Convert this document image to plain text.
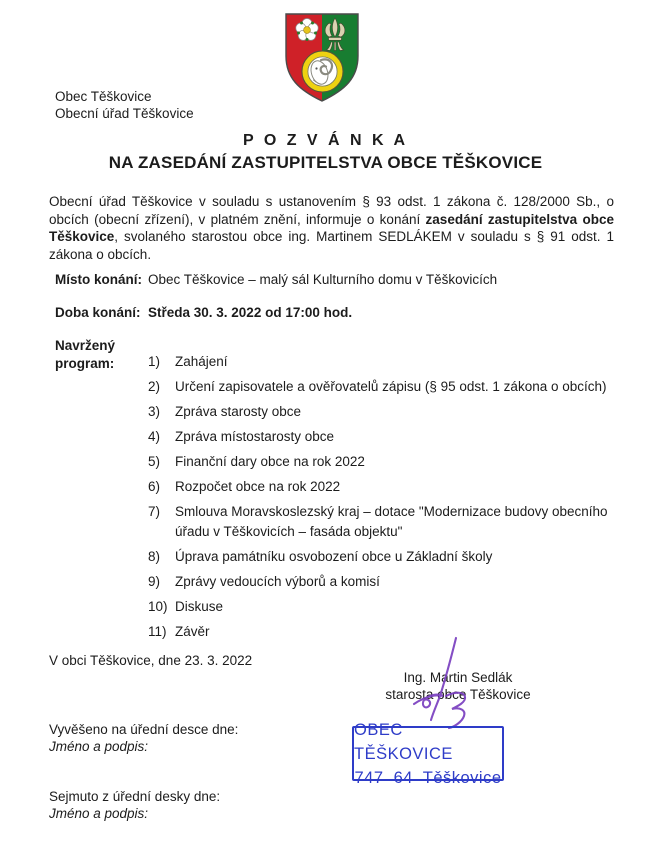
Obec Těškovice
Obecní úřad Těškovice
P O Z V Á N K A
NA ZASEDÁNÍ ZASTUPITELSTVA OBCE TĚŠKOVICE

Obecní úřad Těškovice v souladu s ustanovením § 93 odst. 1 zákona č. 128/2000 Sb., o obcích (obecní zřízení), v platném znění, informuje o konání zasedání zastupitelstva obce Těškovice, svolaného starostou obce ing. Martinem SEDLÁKEM v souladu s § 91 odst. 1 zákona o obcích.

Místo konání: Obec Těškovice – malý sál Kulturního domu v Těškovicích
Doba konání: Středa 30. 3. 2022 od 17:00 hod.
Navržený
program: 1)	Zahájení
2)	Určení zapisovatele a ověřovatelů zápisu (§ 95 odst. 1 zákona o obcích)
3)	Zpráva starosty obce
4)	Zpráva místostarosty obce
5)	Finanční dary obce na rok 2022
6)	Rozpočet obce na rok 2022
7)	Smlouva Moravskoslezský kraj – dotace "Modernizace budovy obecního úřadu v Těškovicích – fasáda objektu"
8)	Úprava památníku osvobození obce u Základní školy
9)	Zprávy vedoucích výborů a komisí
10) Diskuse
11) Závěr
V obci Těškovice, dne 23. 3. 2022
Ing. Martin Sedlák
starosta obce Těškovice
OBEC TĚŠKOVICE
747 64 Těškovice
Vyvěšeno na úřední desce dne:
Jméno a podpis:
Sejmuto z úřední desky dne:
Jméno a podpis:
